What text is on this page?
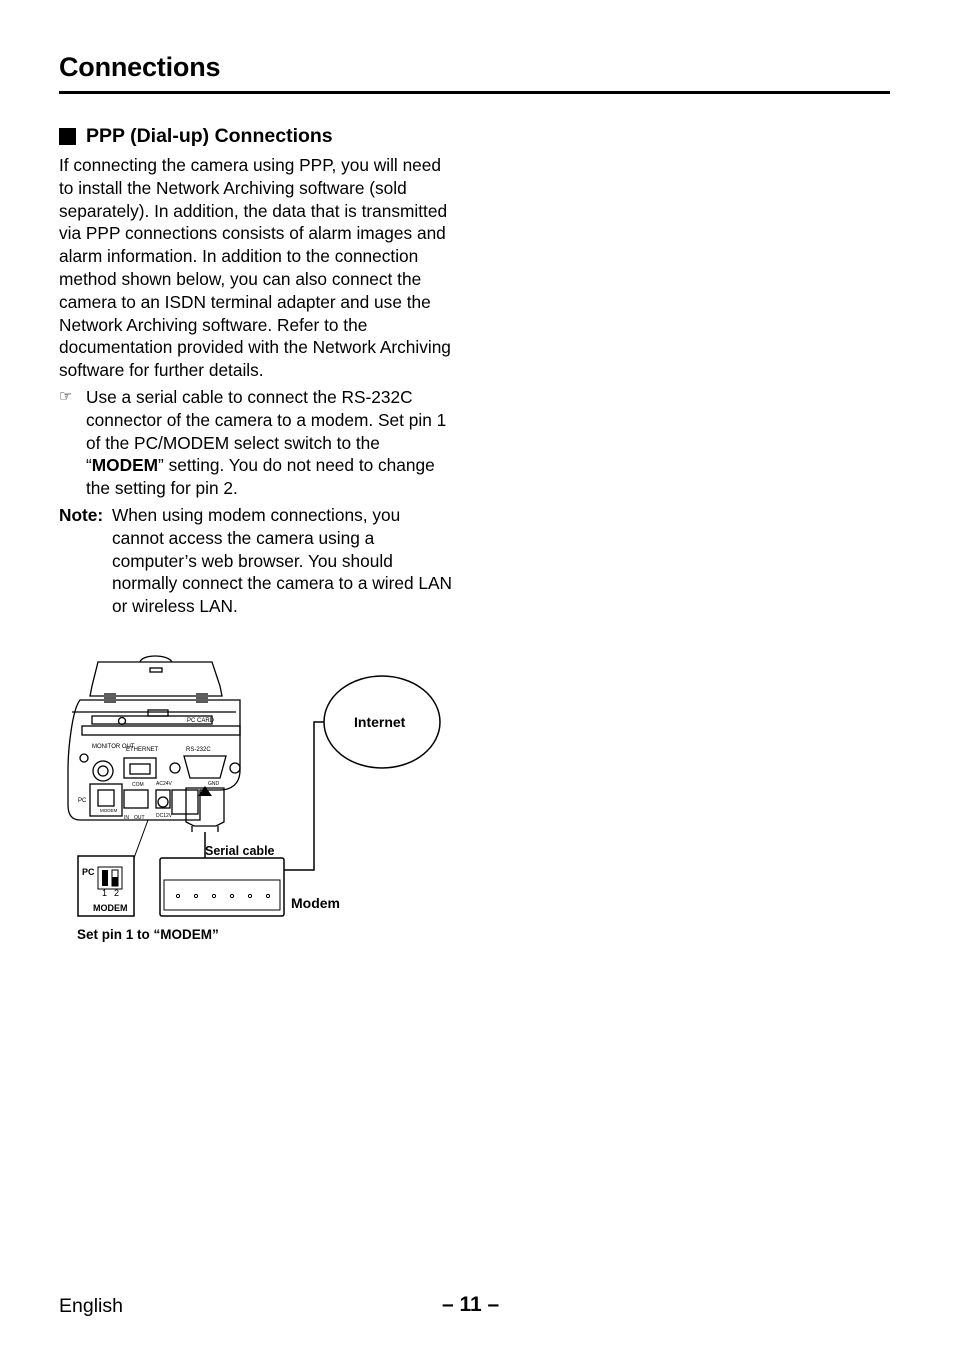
Connections
PPP (Dial-up) Connections

If connecting the camera using PPP, you will need to install the Network Archiving software (sold separately). In addition, the data that is transmitted via PPP connections consists of alarm images and alarm information. In addition to the connection method shown below, you can also connect the camera to an ISDN terminal adapter and use the Network Archiving software. Refer to the documentation provided with the Network Archiving software for further details.

☞ Use a serial cable to connect the RS-232C connector of the camera to a modem. Set pin 1 of the PC/MODEM select switch to the “MODEM” setting. You do not need to change the setting for pin 2.
Note: When using modem connections, you cannot access the camera using a computer’s web browser. You should normally connect the camera to a wired LAN or wireless LAN.
PC CARD
MONITOR OUT
ETHERNET	RS-232C
COM AC24V	GND
DC12V
IN OUT
PC
MODEM
Internet
Serial cable
Modem
PC
1 2
MODEM
Set pin 1 to “MODEM”
English	– 11 –
